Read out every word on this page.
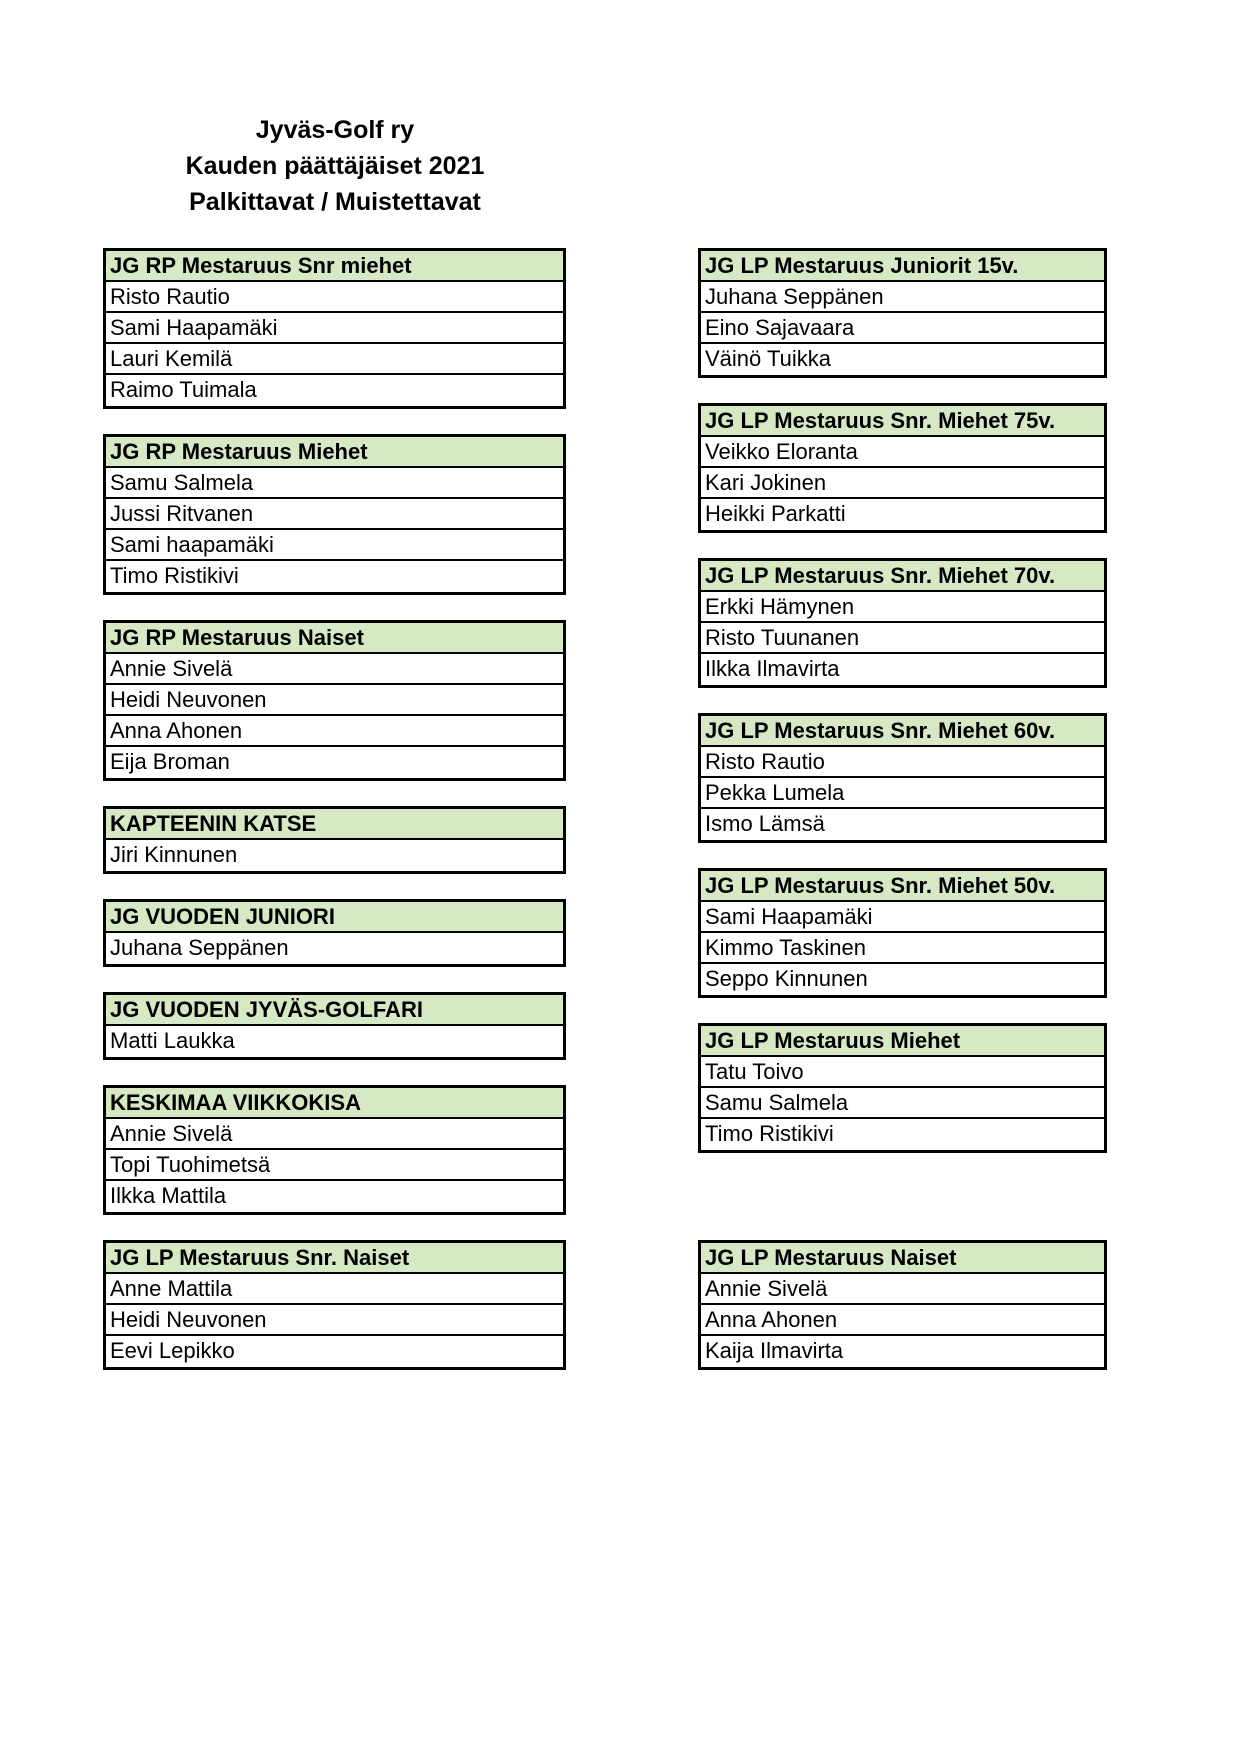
Jyväs-Golf ry
Kauden päättäjäiset 2021
Palkittavat / Muistettavat
JG RP Mestaruus Snr miehet
Risto Rautio
Sami Haapamäki
Lauri Kemilä
Raimo Tuimala
JG RP Mestaruus Miehet
Samu Salmela
Jussi Ritvanen
Sami haapamäki
Timo Ristikivi
JG RP Mestaruus Naiset
Annie Sivelä
Heidi Neuvonen
Anna Ahonen
Eija Broman
KAPTEENIN KATSE
Jiri Kinnunen
JG VUODEN JUNIORI
Juhana Seppänen
JG VUODEN JYVÄS-GOLFARI
Matti Laukka
KESKIMAA VIIKKOKISA
Annie Sivelä
Topi Tuohimetsä
Ilkka Mattila
JG LP Mestaruus Snr. Naiset
Anne Mattila
Heidi Neuvonen
Eevi Lepikko
JG LP Mestaruus Juniorit 15v.
Juhana Seppänen
Eino Sajavaara
Väinö Tuikka
JG LP Mestaruus Snr. Miehet 75v.
Veikko Eloranta
Kari Jokinen
Heikki Parkatti
JG LP Mestaruus Snr. Miehet 70v.
Erkki Hämynen
Risto Tuunanen
Ilkka Ilmavirta
JG LP Mestaruus Snr. Miehet 60v.
Risto Rautio
Pekka Lumela
Ismo Lämsä
JG LP Mestaruus Snr. Miehet 50v.
Sami Haapamäki
Kimmo Taskinen
Seppo Kinnunen
JG LP Mestaruus Miehet
Tatu Toivo
Samu Salmela
Timo Ristikivi
JG LP Mestaruus Naiset
Annie Sivelä
Anna Ahonen
Kaija Ilmavirta
